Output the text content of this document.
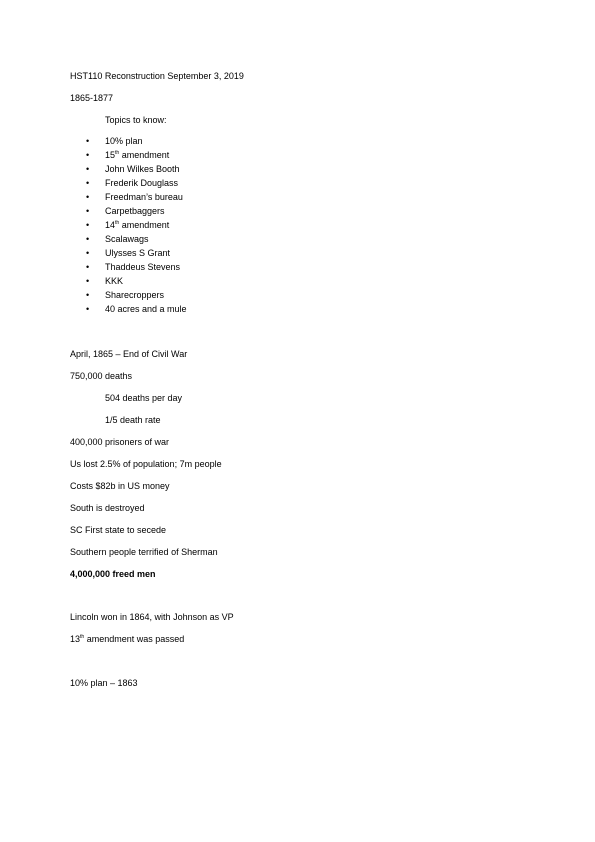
HST110 Reconstruction September 3, 2019
1865-1877
Topics to know:
• 10% plan
• 15th amendment
• John Wilkes Booth
• Frederik Douglass
• Freedman’s bureau
• Carpetbaggers
• 14th amendment
• Scalawags
• Ulysses S Grant
• Thaddeus Stevens
• KKK
• Sharecroppers
• 40 acres and a mule
April, 1865 – End of Civil War
750,000 deaths
504 deaths per day
1/5 death rate
400,000 prisoners of war
Us lost 2.5% of population; 7m people
Costs $82b in US money
South is destroyed
SC First state to secede
Southern people terrified of Sherman
4,000,000 freed men
Lincoln won in 1864, with Johnson as VP
13th amendment was passed
10% plan – 1863
